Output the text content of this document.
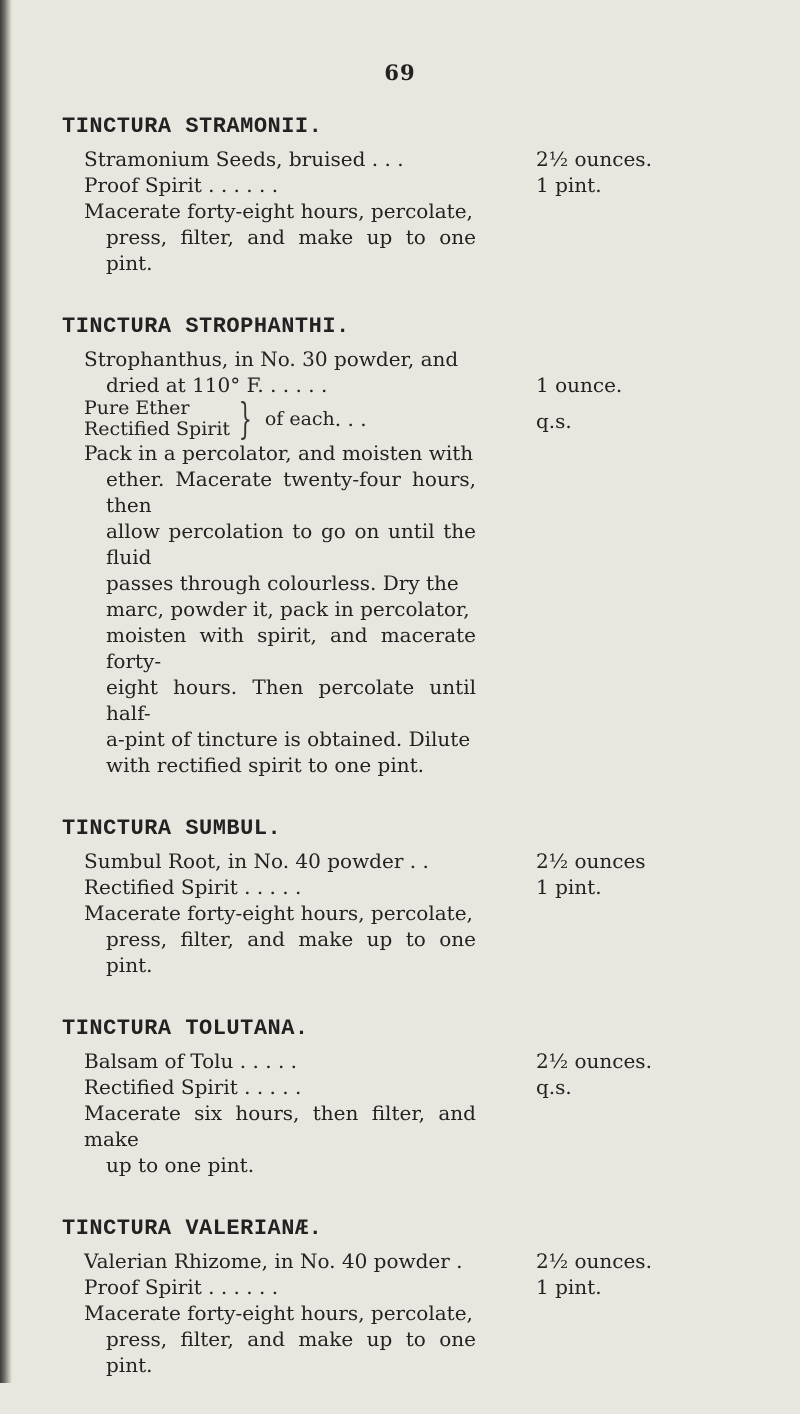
69
TINCTURA STRAMONII.
Stramonium Seeds, bruised . . .	2½ ounces.
Proof Spirit . . . . . .	1 pint.
Macerate forty-eight hours, percolate,
press, filter, and make up to one pint.
TINCTURA STROPHANTHI.
Strophanthus, in No. 30 powder, and
dried at 110° F. . . . . .	1 ounce.
Pure Ether
Rectified Spirit } of each . . .	q.s.
Pack in a percolator, and moisten with
ether. Macerate twenty-four hours, then
allow percolation to go on until the fluid
passes through colourless. Dry the
marc, powder it, pack in percolator,
moisten with spirit, and macerate forty-
eight hours. Then percolate until half-
a-pint of tincture is obtained. Dilute
with rectified spirit to one pint.
TINCTURA SUMBUL.
Sumbul Root, in No. 40 powder . .	2½ ounces
Rectified Spirit . . . . .	1 pint.
Macerate forty-eight hours, percolate,
press, filter, and make up to one pint.
TINCTURA TOLUTANA.
Balsam of Tolu . . . . .	2½ ounces.
Rectified Spirit . . . . .	q.s.
Macerate six hours, then filter, and make
up to one pint.
TINCTURA VALERIANÆ.
Valerian Rhizome, in No. 40 powder .	2½ ounces.
Proof Spirit . . . . . .	1 pint.
Macerate forty-eight hours, percolate,
press, filter, and make up to one pint.
